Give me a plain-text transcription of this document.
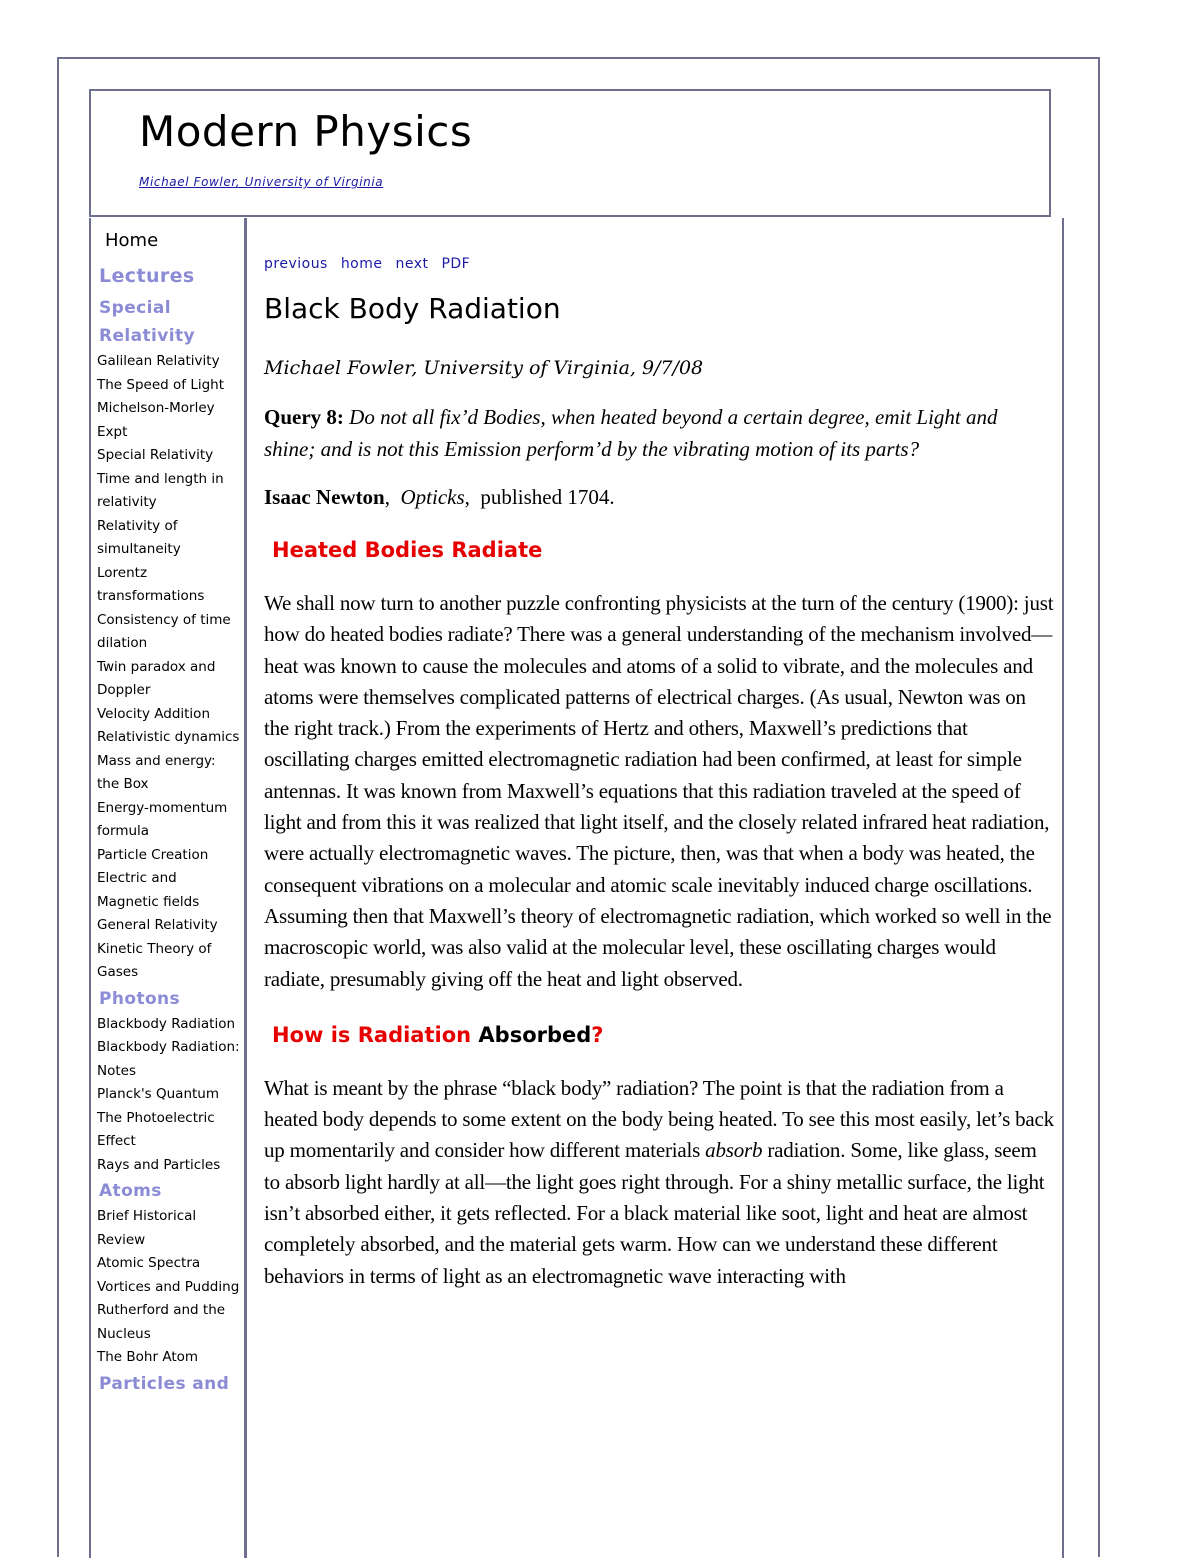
Modern Physics
Michael Fowler, University of Virginia
Home
Lectures
Special Relativity
Galilean Relativity
The Speed of Light
Michelson-Morley Expt
Special Relativity
Time and length in relativity
Relativity of simultaneity
Lorentz transformations
Consistency of time dilation
Twin paradox and Doppler
Velocity Addition
Relativistic dynamics
Mass and energy: the Box
Energy-momentum formula
Particle Creation
Electric and Magnetic fields
General Relativity
Kinetic Theory of Gases
Photons
Blackbody Radiation
Blackbody Radiation: Notes
Planck's Quantum
The Photoelectric Effect
Rays and Particles
Atoms
Brief Historical Review
Atomic Spectra
Vortices and Pudding
Rutherford and the Nucleus
The Bohr Atom
Particles and

previous home next PDF

Black Body Radiation

Michael Fowler, University of Virginia, 9/7/08

Query 8: Do not all fix’d Bodies, when heated beyond a certain degree, emit Light and shine; and is not this Emission perform’d by the vibrating motion of its parts?

Isaac Newton,  Opticks,  published 1704.

Heated Bodies Radiate

We shall now turn to another puzzle confronting physicists at the turn of the century (1900): just how do heated bodies radiate? There was a general understanding of the mechanism involved—heat was known to cause the molecules and atoms of a solid to vibrate, and the molecules and atoms were themselves complicated patterns of electrical charges. (As usual, Newton was on the right track.) From the experiments of Hertz and others, Maxwell’s predictions that oscillating charges emitted electromagnetic radiation had been confirmed, at least for simple antennas. It was known from Maxwell’s equations that this radiation traveled at the speed of light and from this it was realized that light itself, and the closely related infrared heat radiation, were actually electromagnetic waves. The picture, then, was that when a body was heated, the consequent vibrations on a molecular and atomic scale inevitably induced charge oscillations. Assuming then that Maxwell’s theory of electromagnetic radiation, which worked so well in the macroscopic world, was also valid at the molecular level, these oscillating charges would radiate, presumably giving off the heat and light observed.

How is Radiation Absorbed?

What is meant by the phrase “black body” radiation? The point is that the radiation from a heated body depends to some extent on the body being heated. To see this most easily, let’s back up momentarily and consider how different materials absorb radiation. Some, like glass, seem to absorb light hardly at all—the light goes right through. For a shiny metallic surface, the light isn’t absorbed either, it gets reflected. For a black material like soot, light and heat are almost completely absorbed, and the material gets warm. How can we understand these different behaviors in terms of light as an electromagnetic wave interacting with
